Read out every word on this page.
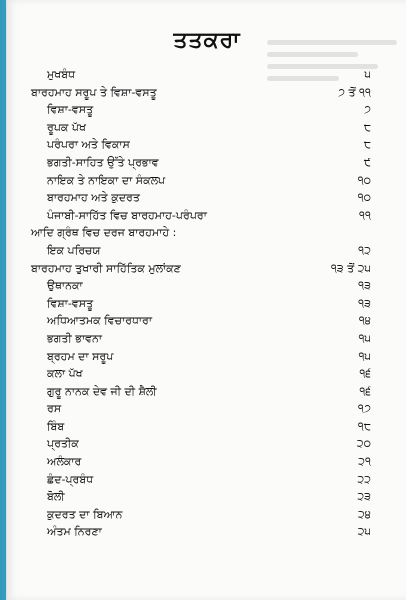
ਤਤਕਰਾ
ਮੁਖਬੰਧ	੫
ਬਾਰਹਮਾਹ ਸਰੂਪ ਤੇ ਵਿਸ਼ਾ-ਵਸਤੂ	੭ ਤੋਂ ੧੧
ਵਿਸ਼ਾ-ਵਸਤੂ	੭
ਰੂਪਕ ਪੱਖ	੮
ਪਰੰਪਰਾ ਅਤੇ ਵਿਕਾਸ	੮
ਭਗਤੀ-ਸਾਹਿਤ ਉੱਤੇ ਪ੍ਰਭਾਵ	੯
ਨਾਇਕ ਤੇ ਨਾਇਕਾ ਦਾ ਸੰਕਲਪ	੧੦
ਬਾਰਹਮਾਹ ਅਤੇ ਕੁਦਰਤ	੧੦
ਪੰਜਾਬੀ-ਸਾਹਿੱਤ ਵਿਚ ਬਾਰਹਮਾਹ-ਪਰੰਪਰਾ	੧੧
ਆਦਿ ਗ੍ਰੰਥ ਵਿਚ ਦਰਜ ਬਾਰਹਮਾਹੇ :
ਇਕ ਪਰਿਚਯ	੧੨
ਬਾਰਹਮਾਹ ਤੁਖਾਰੀ ਸਾਹਿੱਤਿਕ ਮੁਲਾਂਕਣ	੧੩ ਤੋਂ ੨੫
ਉਥਾਨਕਾ	੧੩
ਵਿਸ਼ਾ-ਵਸਤੂ	੧੩
ਅਧਿਆਤਮਕ ਵਿਚਾਰਧਾਰਾ	੧੪
ਭਗਤੀ ਭਾਵਨਾ	੧੫
ਬ੍ਰਹਮ ਦਾ ਸਰੂਪ	੧੫
ਕਲਾ ਪੱਖ	੧੬
ਗੁਰੂ ਨਾਨਕ ਦੇਵ ਜੀ ਦੀ ਸ਼ੈਲੀ	੧੬
ਰਸ	੧੭
ਬਿੰਬ	੧੮
ਪ੍ਰਤੀਕ	੨੦
ਅਲੰਕਾਰ	੨੧
ਛੰਦ-ਪ੍ਰਬੰਧ	੨੨
ਬੋਲੀ	੨੩
ਕੁਦਰਤ ਦਾ ਬਿਆਨ	੨੪
ਅੰਤਮ ਨਿਰਣਾ	੨੫
